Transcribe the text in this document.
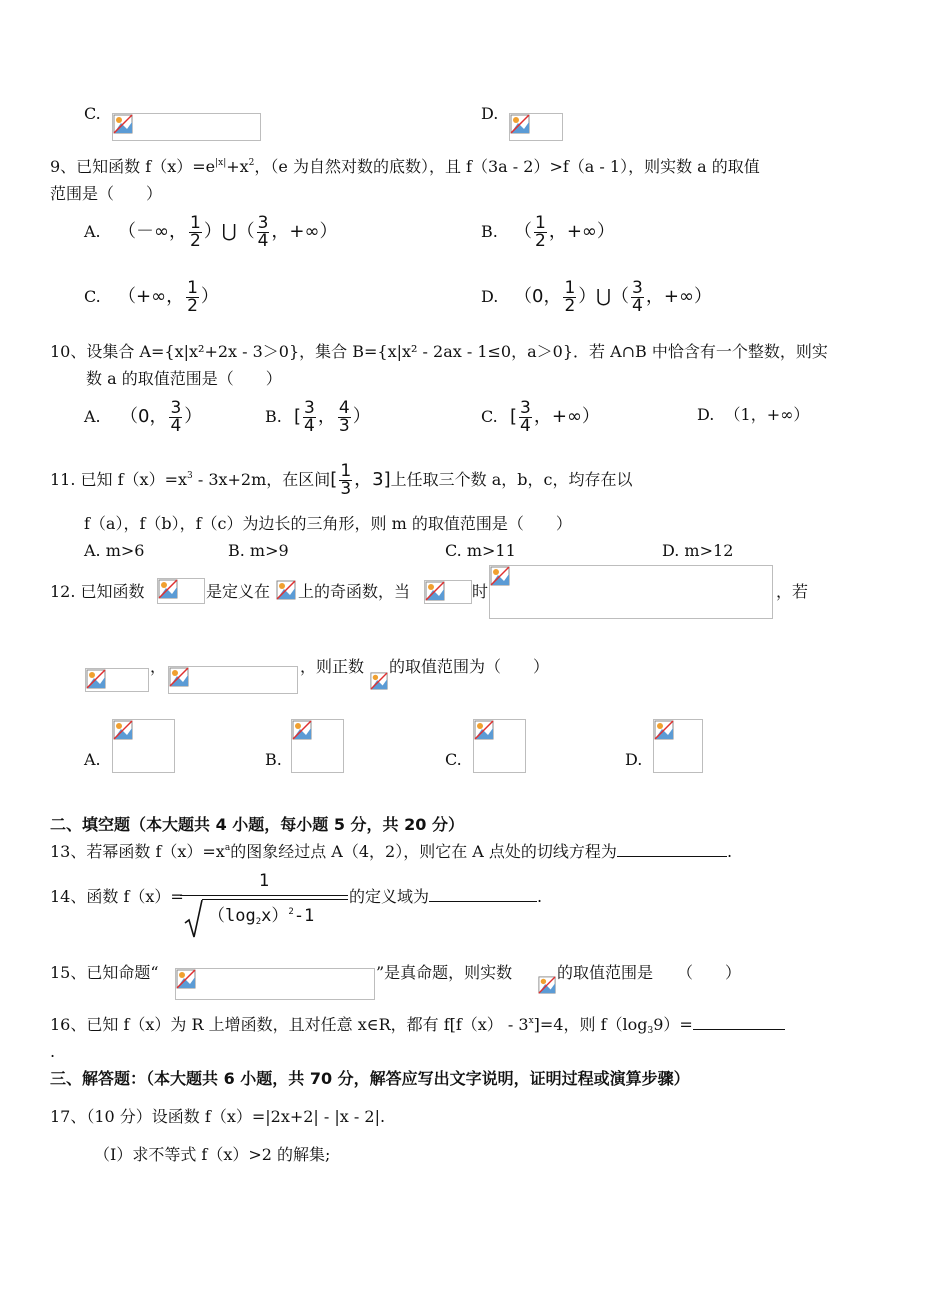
C.	D.
9、已知函数 $f(x)=e^{|x|}+x^2$，（e 为自然对数的底数），且 f（3a - 2）>f（a - 1），则实数 a 的取值
范围是（　　）
A. （－∞， $\frac{1}{2}$ ）⋃（ $\frac{3}{4}$ ，+∞）	B. （ $\frac{1}{2}$ ，+∞）
C. （+∞， $\frac{1}{2}$ ）	D. （0， $\frac{1}{2}$ ）⋃（ $\frac{3}{4}$ ，+∞）
10、设集合 A={x|x²+2x - 3＞0}，集合 B={x|x² - 2ax - 1≤0，a＞0}．若 A∩B 中恰含有一个整数，则实
数 a 的取值范围是（　　）
A. （0， $\frac{3}{4}$ ）	B. [ $\frac{3}{4}$ ， $\frac{4}{3}$ ）	C. [ $\frac{3}{4}$ ，+∞）	D. （1，+∞）
11. 已知 $f(x)=x^3 - 3x+2m$，在区间[ $\frac{1}{3}$ ，3]上任取三个数 a，b，c，均存在以
f（a），f（b），f（c）为边长的三角形，则 m 的取值范围是（　　）
A. m>6	B. m>9	C. m>11	D. m>12
12. 已知函数	是定义在 上的奇函数，当	时	，若
，	，则正数 的取值范围为（　　）
A.	B.	C.	D.
二、填空题（本大题共 4 小题，每小题 5 分，共 20 分）
13、若幂函数 $f(x)=x^a$的图象经过点 A（4，2），则它在 A 点处的切线方程为	.
14、函数 f（x）=
1
$(\log_2x)^2-1$
的定义域为	.
15、已知命题“	”是真命题，则实数	的取值范围是　　（　　）
16、已知 f（x）为 R 上增函数，且对任意 x∈R，都有 $f[f(x) - 3^x]=4$，则 $f(\log_39)=$
.
三、解答题：（本大题共 6 小题，共 70 分，解答应写出文字说明，证明过程或演算步骤）
17、（10 分）设函数 f（x）=|2x+2| - |x - 2|.
（Ⅰ）求不等式 f（x）>2 的解集;
